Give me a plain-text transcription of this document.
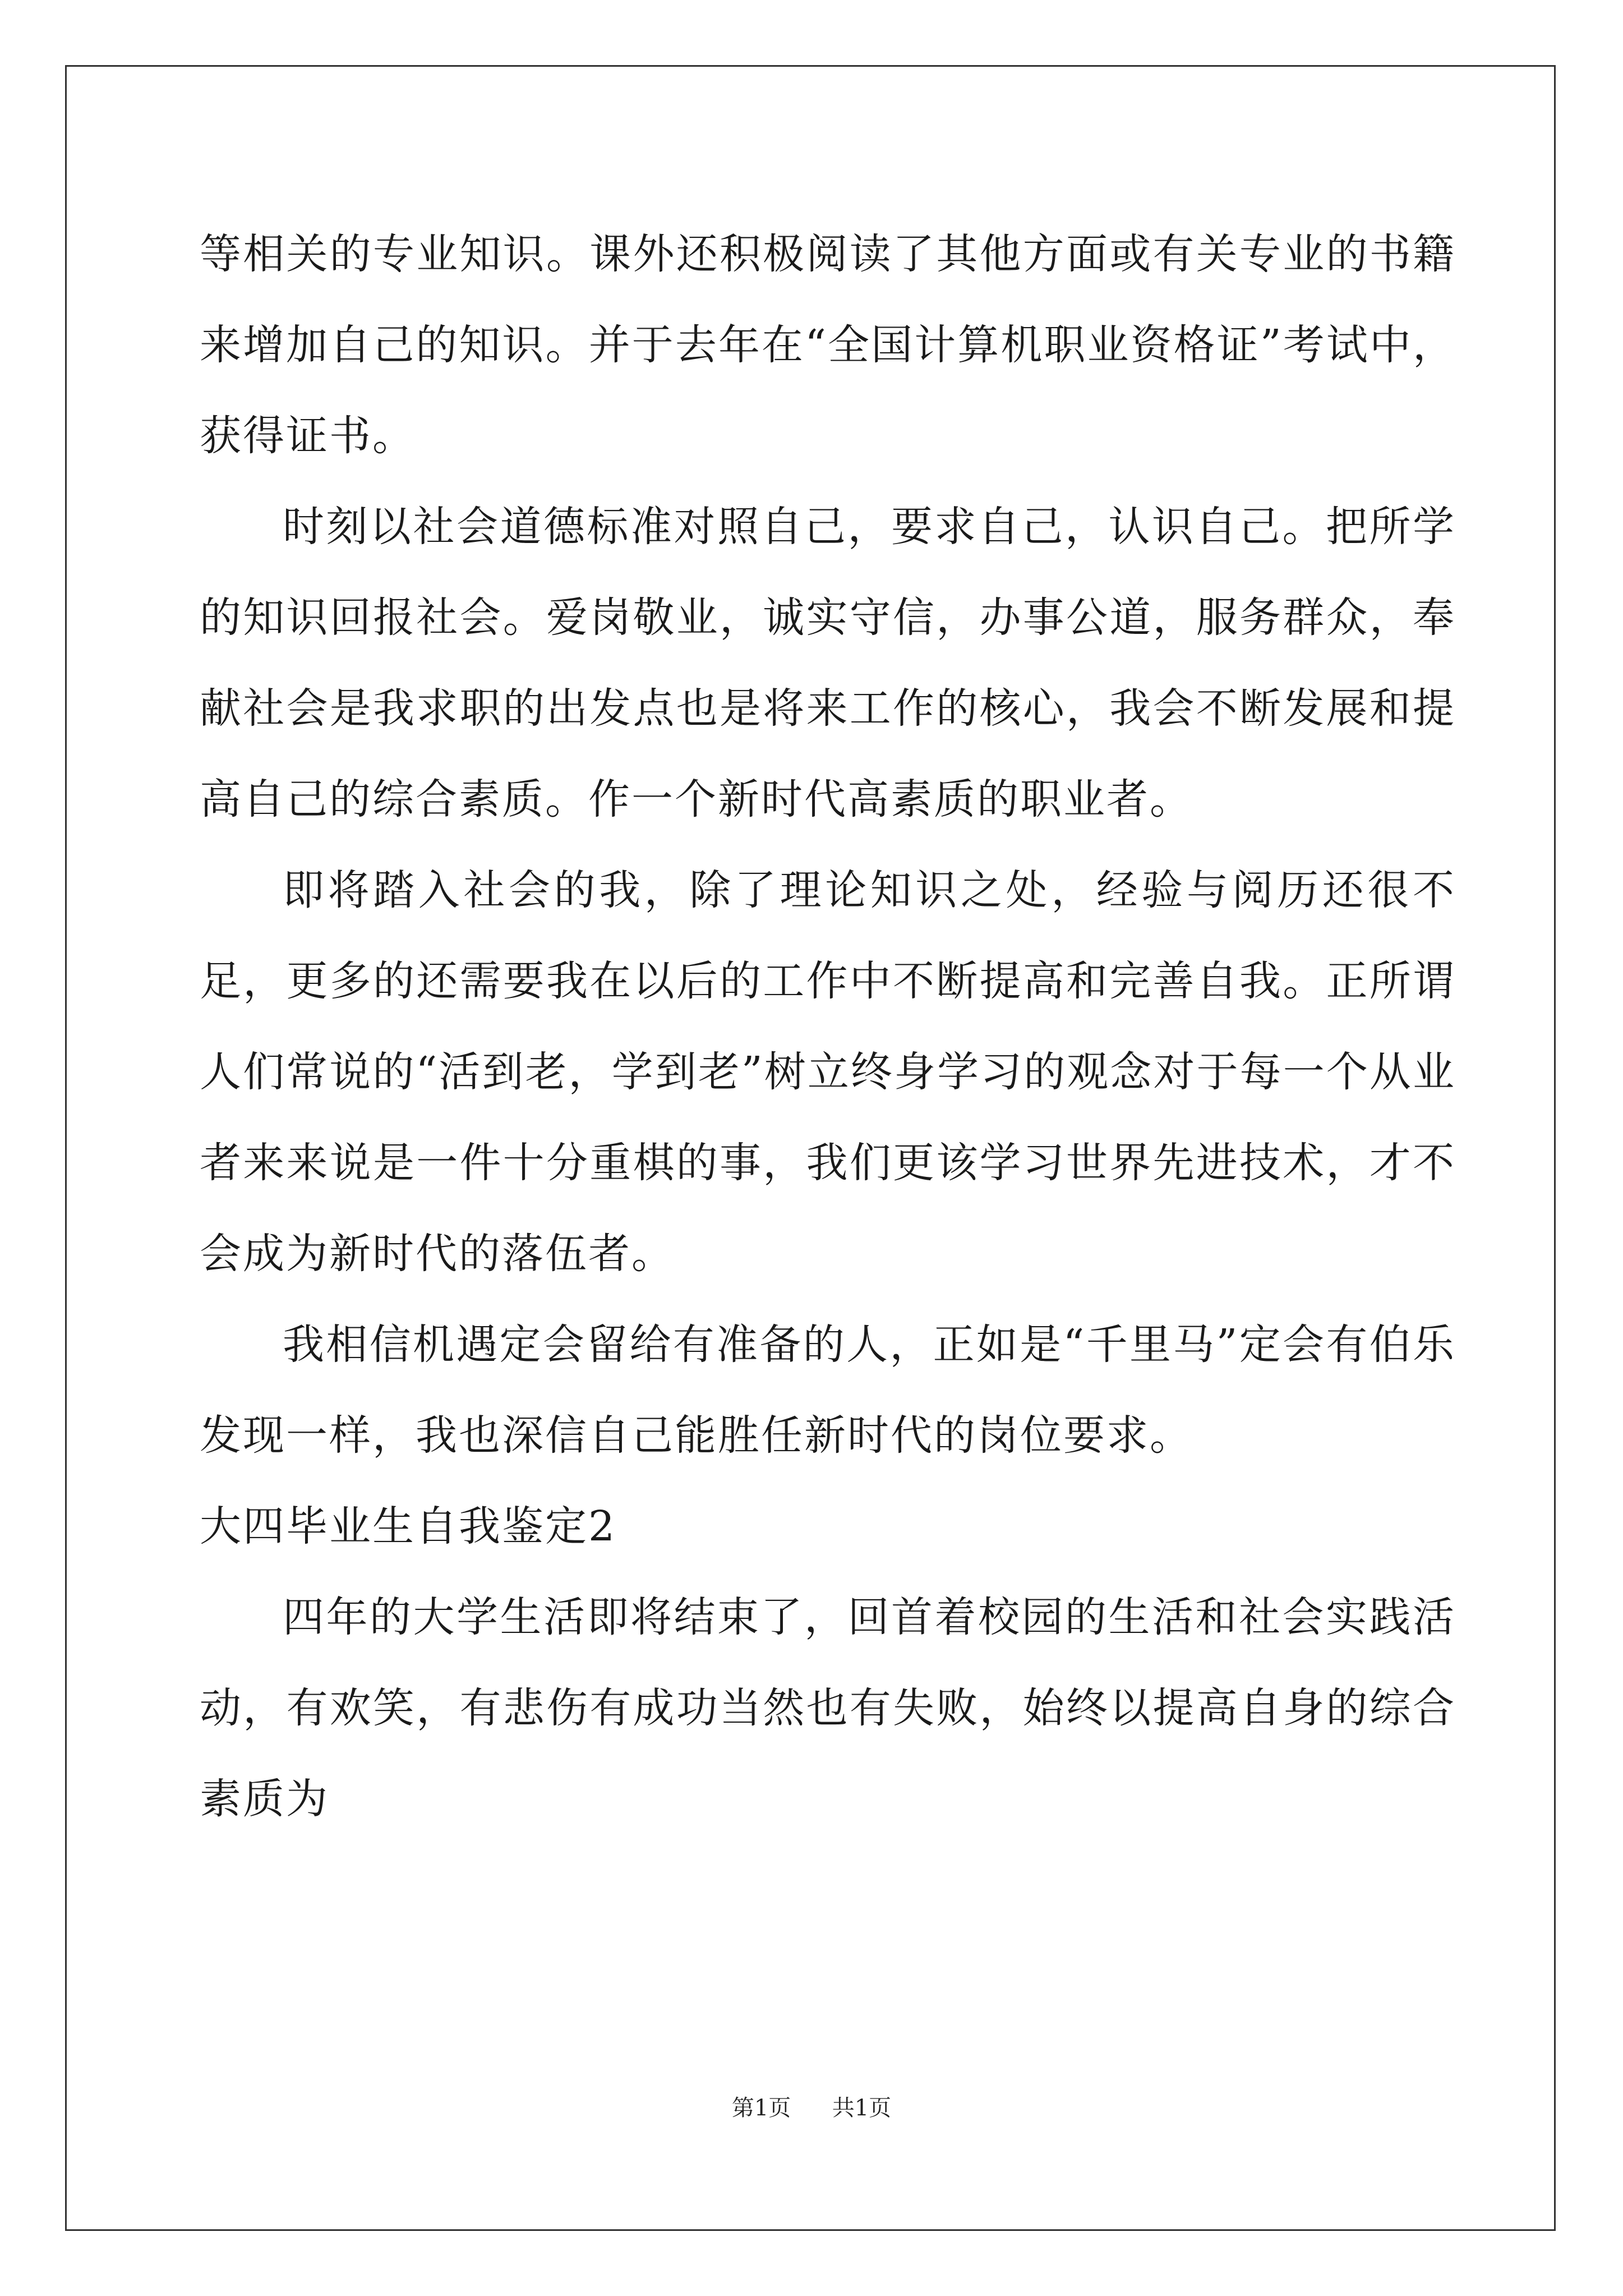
等相关的专业知识。课外还积极阅读了其他方面或有关专业的书籍来增加自己的知识。并于去年在“全国计算机职业资格证”考试中，获得证书。

时刻以社会道德标准对照自己，要求自己，认识自己。把所学的知识回报社会。爱岗敬业，诚实守信，办事公道，服务群众，奉献社会是我求职的出发点也是将来工作的核心，我会不断发展和提高自己的综合素质。作一个新时代高素质的职业者。

即将踏入社会的我，除了理论知识之处，经验与阅历还很不足，更多的还需要我在以后的工作中不断提高和完善自我。正所谓人们常说的“活到老，学到老”树立终身学习的观念对于每一个从业者来来说是一件十分重棋的事，我们更该学习世界先进技术，才不会成为新时代的落伍者。

我相信机遇定会留给有准备的人，正如是“千里马”定会有伯乐发现一样，我也深信自己能胜任新时代的岗位要求。

大四毕业生自我鉴定2

四年的大学生活即将结束了，回首着校园的生活和社会实践活动，有欢笑，有悲伤有成功当然也有失败，始终以提高自身的综合素质为

第1页 共1页
